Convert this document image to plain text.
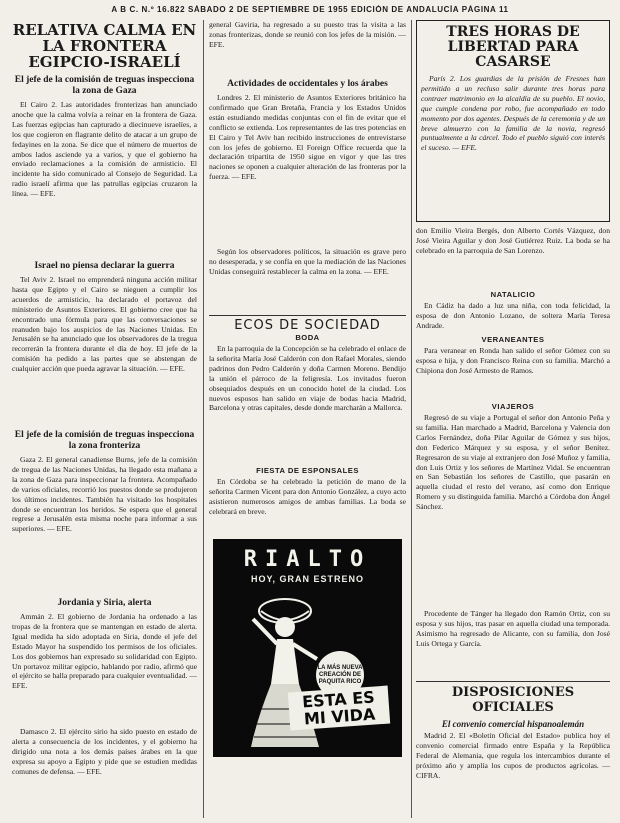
A B C. N.º 16.822 SÁBADO 2 DE SEPTIEMBRE DE 1955 EDICIÓN DE ANDALUCÍA PÁGINA 11
RELATIVA CALMA EN LA FRONTERA EGIPCIO-ISRAELÍ
El jefe de la comisión de treguas inspecciona la zona de Gaza

El Cairo 2. Las autoridades fronterizas han anunciado anoche que la calma volvía a reinar en la frontera de Gaza. Las fuerzas egipcias han capturado a diecinueve israelíes, a los que cogieron en flagrante delito de atacar a un grupo de fedayines en la zona. Se dice que el número de muertos de ambos lados asciende ya a varios, y que el gobierno ha enviado reclamaciones a la comisión de armisticio. El incidente ha sido comunicado al Consejo de Seguridad. La radio israelí afirma que las patrullas egipcias cruzaron la línea. — EFE.

Israel no piensa declarar la guerra

Tel Aviv 2. Israel no emprenderá ninguna acción militar hasta que Egipto y el Cairo se nieguen a cumplir los acuerdos de armisticio, ha declarado el portavoz del ministerio de Asuntos Exteriores. El gobierno cree que ha encontrado una fórmula para que las conversaciones se reanuden bajo los auspicios de las Naciones Unidas. En Jerusalén se ha anunciado que los observadores de la tregua recorrerán la frontera durante el día de hoy. El jefe de la comisión ha pedido a las partes que se abstengan de cualquier acción que pueda agravar la situación. — EFE.

El jefe de la comisión de treguas inspecciona la zona fronteriza

Gaza 2. El general canadiense Burns, jefe de la comisión de tregua de las Naciones Unidas, ha llegado esta mañana a la zona de Gaza para inspeccionar la frontera. Acompañado de varios oficiales, recorrió los puestos donde se produjeron los últimos incidentes. También ha visitado los hospitales donde se encuentran los heridos. Se espera que el general regrese a Jerusalén esta misma noche para informar a sus superiores. — EFE.

Jordania y Siria, alerta

Ammán 2. El gobierno de Jordania ha ordenado a las tropas de la frontera que se mantengan en estado de alerta. Igual medida ha sido adoptada en Siria, donde el jefe del Estado Mayor ha suspendido los permisos de los oficiales. Los dos gobiernos han expresado su solidaridad con Egipto. Un portavoz militar egipcio, hablando por radio, afirmó que el ejército se halla preparado para cualquier eventualidad. — EFE.

Damasco 2. El ejército sirio ha sido puesto en estado de alerta a consecuencia de los incidentes, y el gobierno ha dirigido una nota a los demás países árabes en la que expresa su apoyo a Egipto y pide que se estudien medidas comunes de defensa. — EFE.

general Gaviria, ha regresado a su puesto tras la visita a las zonas fronterizas, donde se reunió con los jefes de la misión. — EFE.

Actividades de occidentales y los árabes

Londres 2. El ministerio de Asuntos Exteriores británico ha confirmado que Gran Bretaña, Francia y los Estados Unidos están estudiando medidas conjuntas con el fin de evitar que el conflicto se extienda. Los representantes de las tres potencias en El Cairo y Tel Aviv han recibido instrucciones de entrevistarse con los jefes de gobierno. El Foreign Office recuerda que la declaración tripartita de 1950 sigue en vigor y que las tres naciones se oponen a cualquier alteración de las fronteras por la fuerza. — EFE.

Según los observadores políticos, la situación es grave pero no desesperada, y se confía en que la mediación de las Naciones Unidas conseguirá restablecer la calma en la zona. — EFE.

ECOS DE SOCIEDAD
BODA

En la parroquia de la Concepción se ha celebrado el enlace de la señorita María José Calderón con don Rafael Morales, siendo padrinos don Pedro Calderón y doña Carmen Moreno. Bendijo la unión el párroco de la feligresía. Los invitados fueron obsequiados después en un conocido hotel de la ciudad. Los nuevos esposos han salido en viaje de bodas hacia Madrid, Barcelona y otras capitales, desde donde marcharán a Mallorca.

FIESTA DE ESPONSALES

En Córdoba se ha celebrado la petición de mano de la señorita Carmen Vicent para don Antonio González, a cuyo acto asistieron numerosos amigos de ambas familias. La boda se celebrará en breve.

RIALTO
HOY, GRAN ESTRENO
LA MÁS NUEVA CREACIÓN DE PAQUITA RICO
ESTA ES
MI VIDA
TRES HORAS DE LIBERTAD PARA CASARSE

París 2. Los guardias de la prisión de Fresnes han permitido a un recluso salir durante tres horas para contraer matrimonio en la alcaldía de su pueblo. El novio, que cumple condena por robo, fue acompañado en todo momento por dos agentes. Después de la ceremonia y de un breve almuerzo con la familia de la novia, regresó puntualmente a la cárcel. Todo el pueblo siguió con interés el suceso. — EFE.

don Emilio Vieira Bergés, don Alberto Cortés Vázquez, don José Vieira Aguilar y don José Gutiérrez Ruiz. La boda se ha celebrado en la parroquia de San Lorenzo.

NATALICIO

En Cádiz ha dado a luz una niña, con toda felicidad, la esposa de don Antonio Lozano, de soltera María Teresa Andrade.

VERANEANTES

Para veranear en Ronda han salido el señor Gómez con su esposa e hija, y don Francisco Reina con su familia. Marchó a Chipiona don José Armesto de Ramos.

VIAJEROS

Regresó de su viaje a Portugal el señor don Antonio Peña y su familia. Han marchado a Madrid, Barcelona y Valencia don Carlos Fernández, doña Pilar Aguilar de Gómez y sus hijos, don Federico Márquez y su esposa, y el señor Benítez. Regresaron de su viaje al extranjero don José Muñoz y familia, don Luis Ortiz y los señores de Martínez Vidal. Se encuentran en San Sebastián los señores de Castillo, que pasarán en aquella ciudad el resto del verano, así como don Enrique Romero y su distinguida familia. Marchó a Córdoba don Ángel Sánchez.

Procedente de Tánger ha llegado don Ramón Ortiz, con su esposa y sus hijos, tras pasar en aquella ciudad una temporada. Asimismo ha regresado de Alicante, con su familia, don José Luis Ortega y García.

DISPOSICIONES OFICIALES
El convenio comercial hispanoalemán

Madrid 2. El «Boletín Oficial del Estado» publica hoy el convenio comercial firmado entre España y la República Federal de Alemania, que regula los intercambios durante el próximo año y amplía los cupos de productos agrícolas. — CIFRA.
